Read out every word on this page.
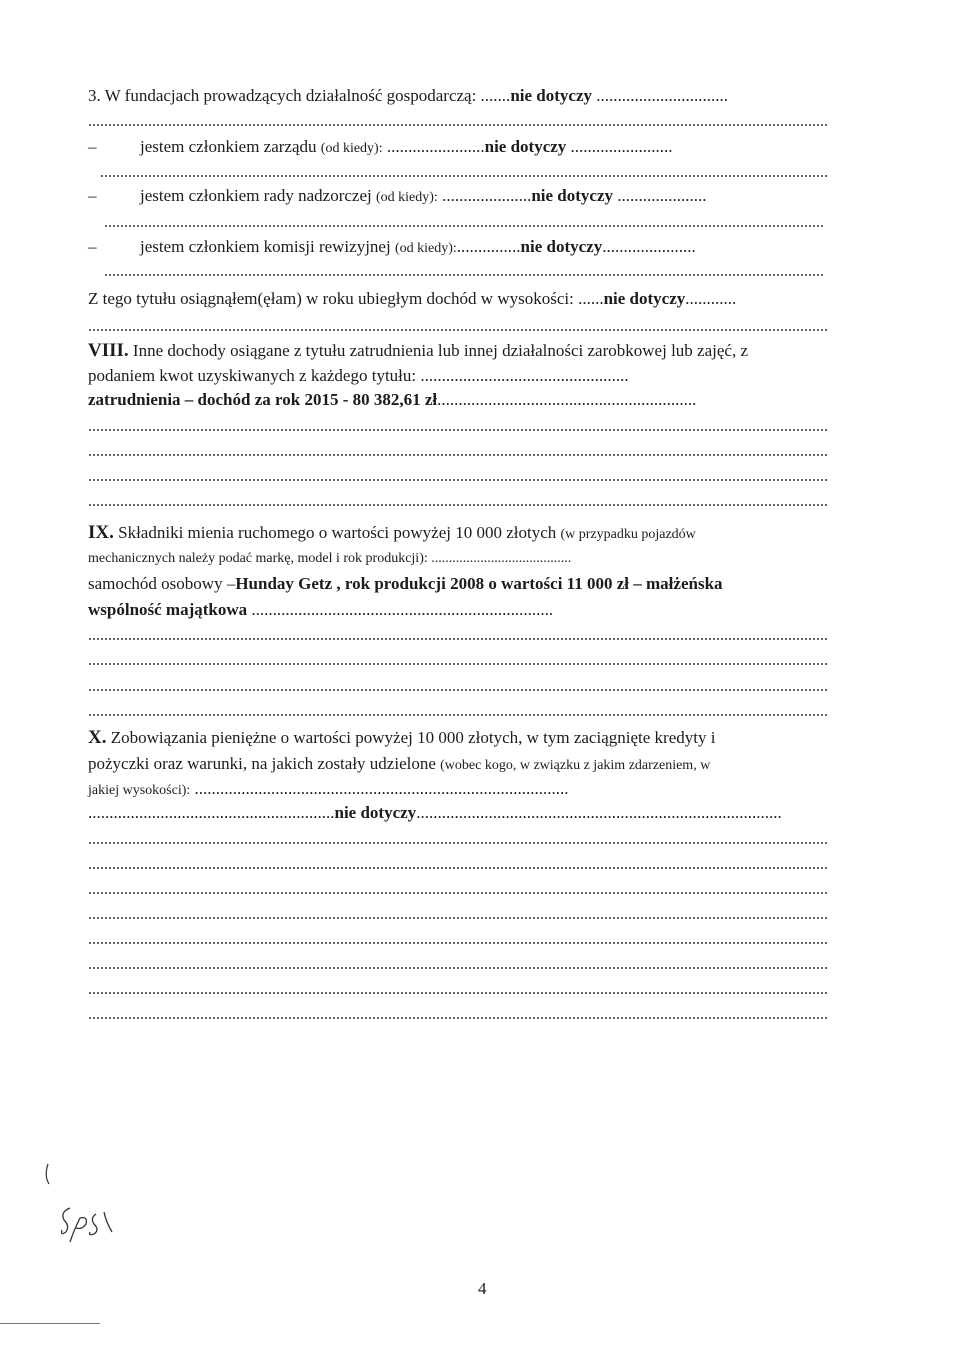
3. W fundacjach prowadzących działalność gospodarczą: .......nie dotyczy ...............................
–	jestem członkiem zarządu (od kiedy): .......................nie dotyczy ........................
–	jestem członkiem rady nadzorczej (od kiedy): .....................nie dotyczy .....................
–	jestem członkiem komisji rewizyjnej (od kiedy):...............nie dotyczy......................
Z tego tytułu osiągnąłem(ęłam) w roku ubiegłym dochód w wysokości: ......nie dotyczy............
VIII. Inne dochody osiągane z tytułu zatrudnienia lub innej działalności zarobkowej lub zajęć, z
podaniem kwot uzyskiwanych z każdego tytułu: .................................................
zatrudnienia – dochód za rok 2015 - 80 382,61 zł.............................................................
IX. Składniki mienia ruchomego o wartości powyżej 10 000 złotych (w przypadku pojazdów
mechanicznych należy podać markę, model i rok produkcji): ........................................
samochód osobowy –Hunday Getz , rok produkcji 2008 o wartości 11 000 zł – małżeńska
wspólność majątkowa .......................................................................
X. Zobowiązania pieniężne o wartości powyżej 10 000 złotych, w tym zaciągnięte kredyty i
pożyczki oraz warunki, na jakich zostały udzielone (wobec kogo, w związku z jakim zdarzeniem, w
jakiej wysokości): ........................................................................................
..........................................................nie dotyczy......................................................................................
4
